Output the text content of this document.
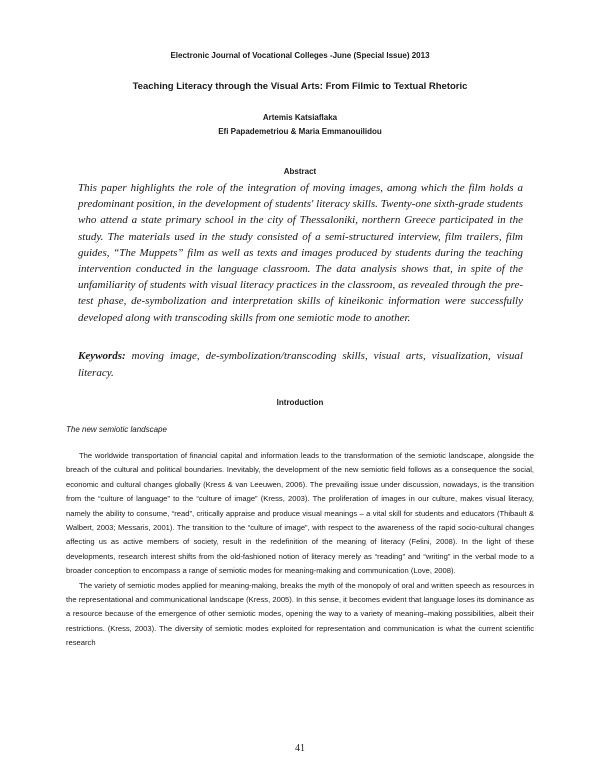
Electronic Journal of Vocational Colleges -June (Special Issue) 2013
Teaching Literacy through the Visual Arts: From Filmic to Textual Rhetoric
Artemis Katsiaflaka
Efi Papademetriou & Maria Emmanouilidou
Abstract

This paper highlights the role of the integration of moving images, among which the film holds a predominant position, in the development of students' literacy skills. Twenty-one sixth-grade students who attend a state primary school in the city of Thessaloniki, northern Greece participated in the study. The materials used in the study consisted of a semi-structured interview, film trailers, film guides, “The Muppets” film as well as texts and images produced by students during the teaching intervention conducted in the language classroom. The data analysis shows that, in spite of the unfamiliarity of students with visual literacy practices in the classroom, as revealed through the pre-test phase, de-symbolization and interpretation skills of kineikonic information were successfully developed along with transcoding skills from one semiotic mode to another.

Keywords: moving image, de-symbolization/transcoding skills, visual arts, visualization, visual literacy.

Introduction
The new semiotic landscape

The worldwide transportation of financial capital and information leads to the transformation of the semiotic landscape, alongside the breach of the cultural and political boundaries. Inevitably, the development of the new semiotic field follows as a consequence the social, economic and cultural changes globally (Kress & van Leeuwen, 2006). The prevailing issue under discussion, nowadays, is the transition from the “culture of language” to the “culture of image” (Kress, 2003). The proliferation of images in our culture, makes visual literacy, namely the ability to consume, “read”, critically appraise and produce visual meanings – a vital skill for students and educators (Thibault & Walbert, 2003; Messaris, 2001). The transition to the “culture of image”, with respect to the awareness of the rapid socio-cultural changes affecting us as active members of society, result in the redefinition of the meaning of literacy (Felini, 2008). In the light of these developments, research interest shifts from the old-fashioned notion of literacy merely as “reading” and “writing” in the verbal mode to a broader conception to encompass a range of semiotic modes for meaning-making and communication (Love, 2008).

The variety of semiotic modes applied for meaning-making, breaks the myth of the monopoly of oral and written speech as resources in the representational and communicational landscape (Kress, 2005). In this sense, it becomes evident that language loses its dominance as a resource because of the emergence of other semiotic modes, opening the way to a variety of meaning–making possibilities, albeit their restrictions. (Kress, 2003). The diversity of semiotic modes exploited for representation and communication is what the current scientific research

41
